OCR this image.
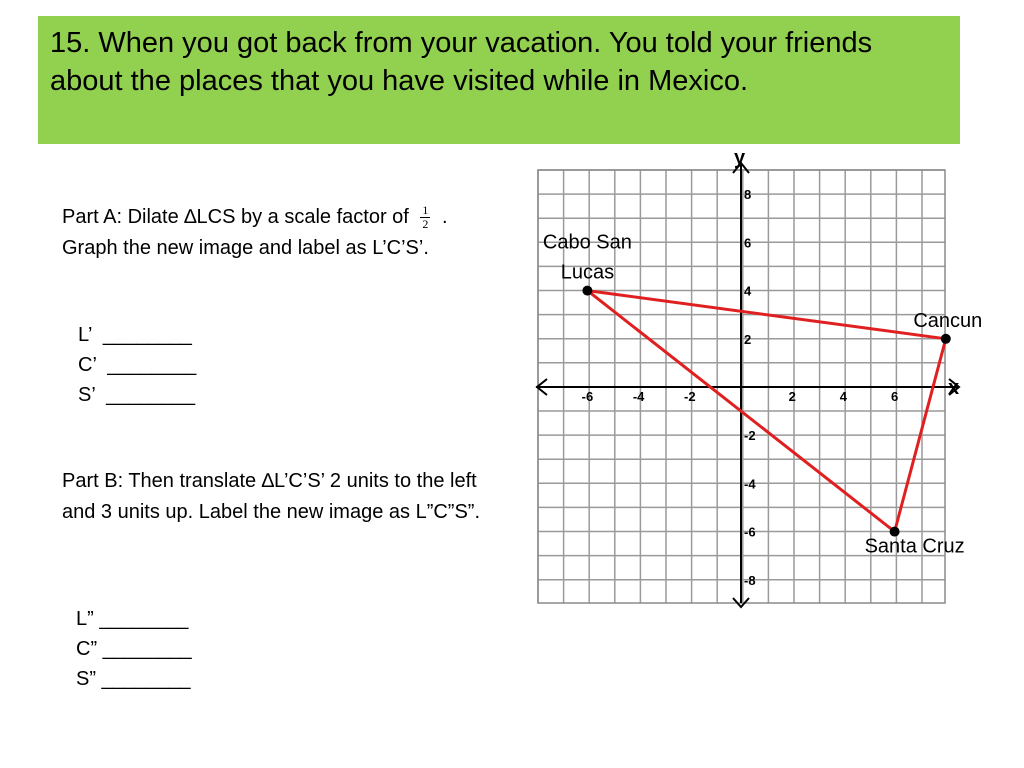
15. When you got back from your vacation. You told your friends about the places that you have visited while in Mexico.
Part A: Dilate ∆LCS by a scale factor of $\frac{1}{2}$ . Graph the new image and label as L’C’S’.
L’  ________
C’  ________
S’  ________
Part B: Then translate ∆L’C’S’ 2 units to the left and 3 units up. Label the new image as L”C”S”.
L” ________
C” ________
S” ________
x
y
-6	-4	-2	2	4	6
8
6
4
2
-2
-4
-6
-8
Cabo San
Lucas
Cancun
Santa Cruz
